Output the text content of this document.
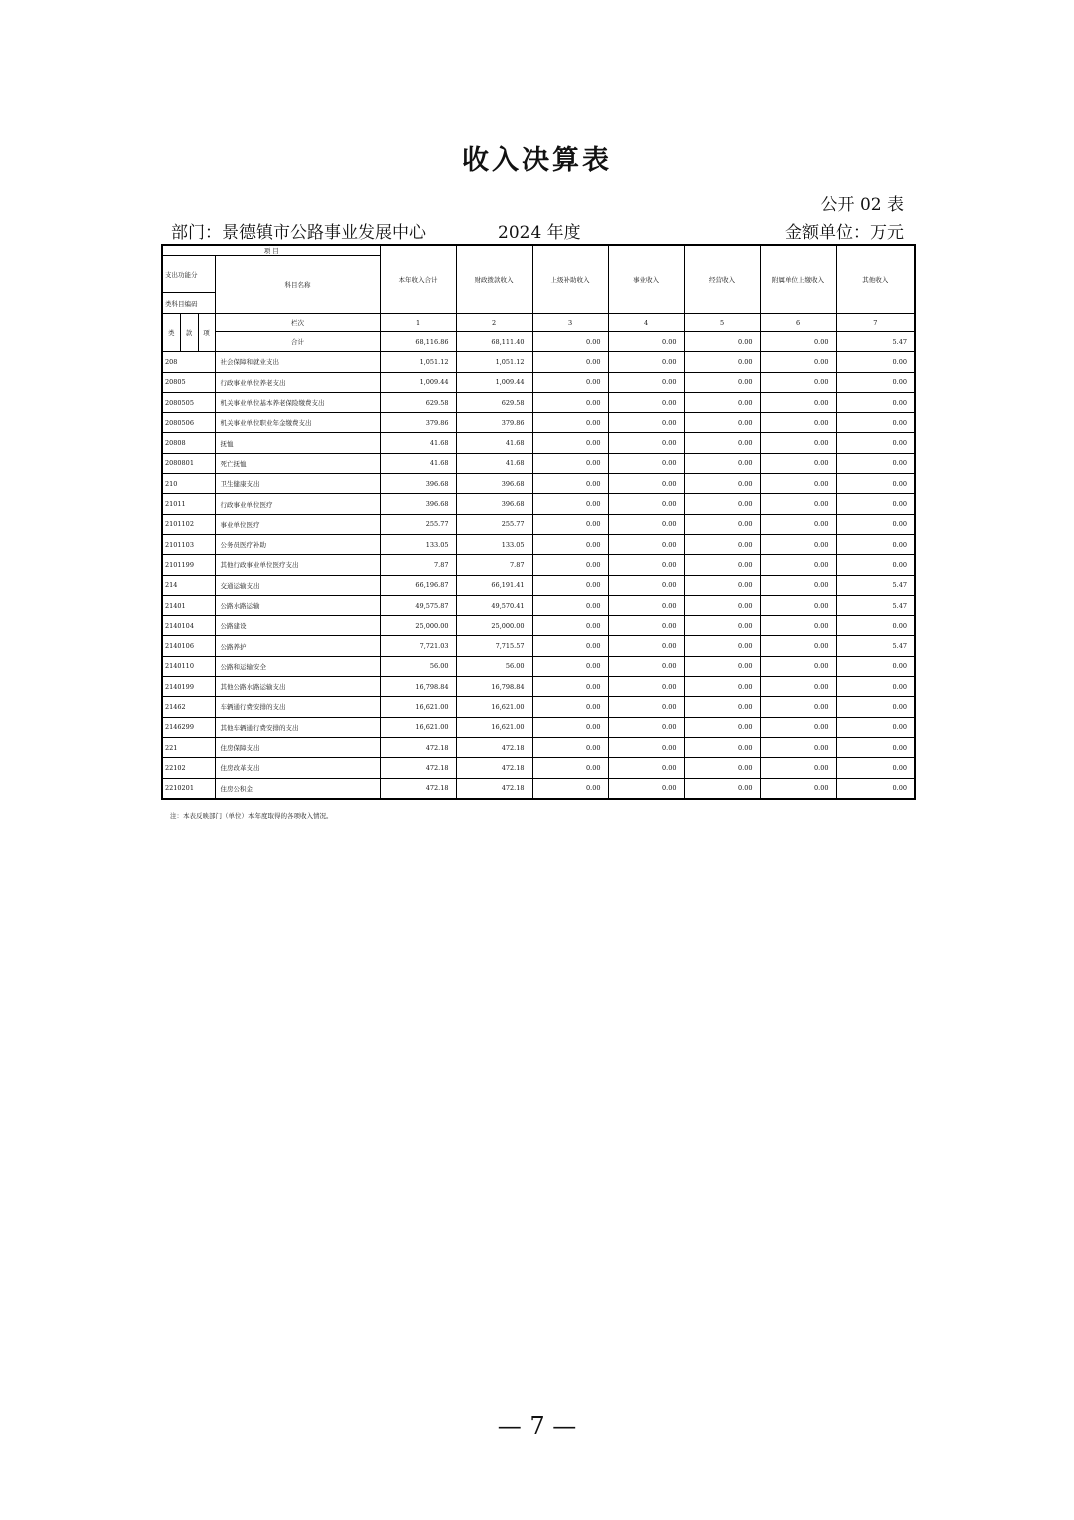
收入决算表
公开 02 表
部门：景德镇市公路事业发展中心	2024 年度	金额单位：万元
项 目				本年收入合计	财政拨款收入	上级补助收入	事业收入	经营收入	附属单位上缴收入	其他收入
支出功能分			科目名称							
类科目编码										
类	款	项	栏次	1	2	3	4	5	6	7
			合计	68,116.86	68,111.40	0.00	0.00	0.00	0.00	5.47
208			社会保障和就业支出	1,051.12	1,051.12	0.00	0.00	0.00	0.00	0.00
20805			行政事业单位养老支出	1,009.44	1,009.44	0.00	0.00	0.00	0.00	0.00
2080505			机关事业单位基本养老保险缴费支出	629.58	629.58	0.00	0.00	0.00	0.00	0.00
2080506			机关事业单位职业年金缴费支出	379.86	379.86	0.00	0.00	0.00	0.00	0.00
20808			抚恤	41.68	41.68	0.00	0.00	0.00	0.00	0.00
2080801			死亡抚恤	41.68	41.68	0.00	0.00	0.00	0.00	0.00
210			卫生健康支出	396.68	396.68	0.00	0.00	0.00	0.00	0.00
21011			行政事业单位医疗	396.68	396.68	0.00	0.00	0.00	0.00	0.00
2101102			事业单位医疗	255.77	255.77	0.00	0.00	0.00	0.00	0.00
2101103			公务员医疗补助	133.05	133.05	0.00	0.00	0.00	0.00	0.00
2101199			其他行政事业单位医疗支出	7.87	7.87	0.00	0.00	0.00	0.00	0.00
214			交通运输支出	66,196.87	66,191.41	0.00	0.00	0.00	0.00	5.47
21401			公路水路运输	49,575.87	49,570.41	0.00	0.00	0.00	0.00	5.47
2140104			公路建设	25,000.00	25,000.00	0.00	0.00	0.00	0.00	0.00
2140106			公路养护	7,721.03	7,715.57	0.00	0.00	0.00	0.00	5.47
2140110			公路和运输安全	56.00	56.00	0.00	0.00	0.00	0.00	0.00
2140199			其他公路水路运输支出	16,798.84	16,798.84	0.00	0.00	0.00	0.00	0.00
21462			车辆通行费安排的支出	16,621.00	16,621.00	0.00	0.00	0.00	0.00	0.00
2146299			其他车辆通行费安排的支出	16,621.00	16,621.00	0.00	0.00	0.00	0.00	0.00
221			住房保障支出	472.18	472.18	0.00	0.00	0.00	0.00	0.00
22102			住房改革支出	472.18	472.18	0.00	0.00	0.00	0.00	0.00
2210201			住房公积金	472.18	472.18	0.00	0.00	0.00	0.00	0.00
注：本表反映部门（单位）本年度取得的各项收入情况。
— 7 —
